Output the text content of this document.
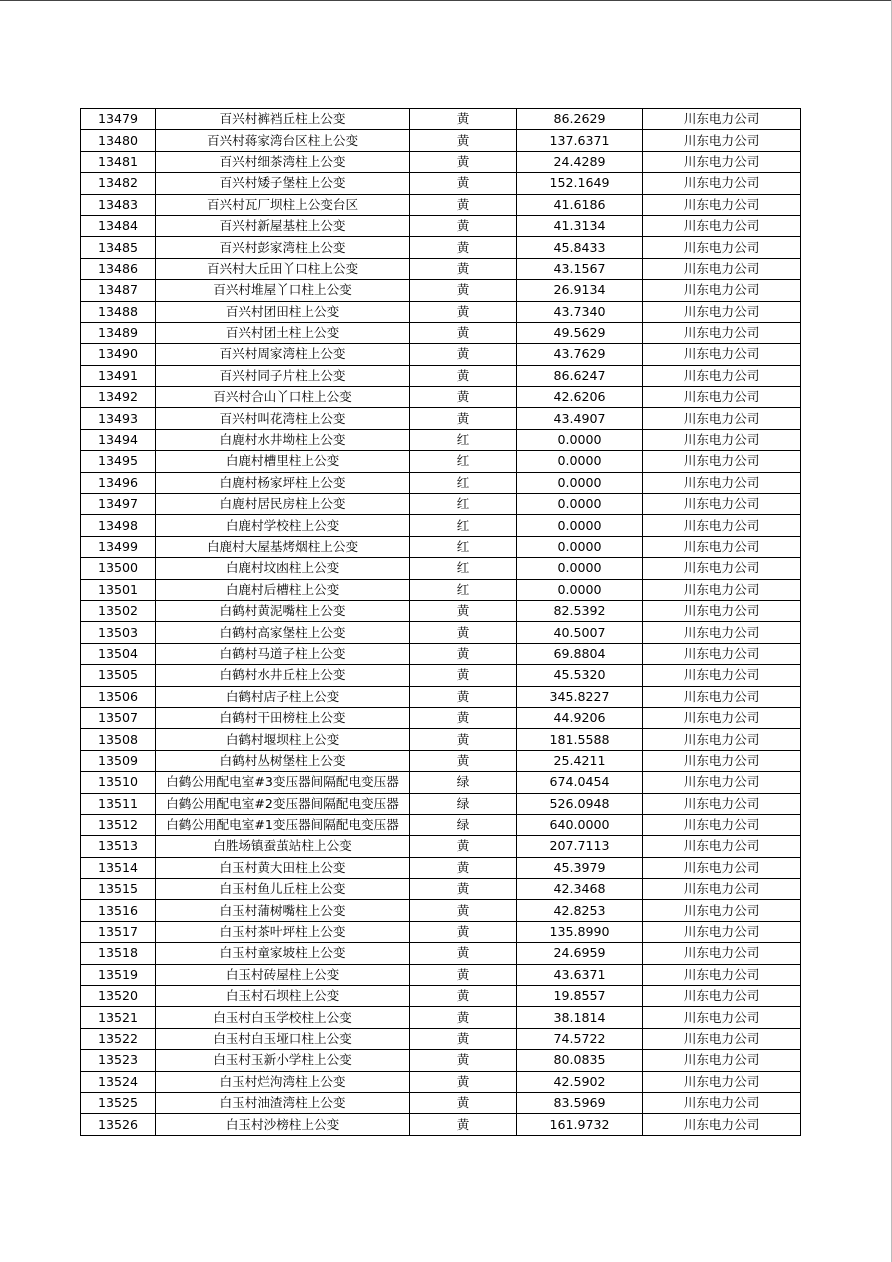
13479	百兴村裤裆丘柱上公变	黄	86.2629	川东电力公司
13480	百兴村蒋家湾台区柱上公变	黄	137.6371	川东电力公司
13481	百兴村细茶湾柱上公变	黄	24.4289	川东电力公司
13482	百兴村矮子堡柱上公变	黄	152.1649	川东电力公司
13483	百兴村瓦厂坝柱上公变台区	黄	41.6186	川东电力公司
13484	百兴村新屋基柱上公变	黄	41.3134	川东电力公司
13485	百兴村彭家湾柱上公变	黄	45.8433	川东电力公司
13486	百兴村大丘田丫口柱上公变	黄	43.1567	川东电力公司
13487	百兴村堆屋丫口柱上公变	黄	26.9134	川东电力公司
13488	百兴村团田柱上公变	黄	43.7340	川东电力公司
13489	百兴村团土柱上公变	黄	49.5629	川东电力公司
13490	百兴村周家湾柱上公变	黄	43.7629	川东电力公司
13491	百兴村同子片柱上公变	黄	86.6247	川东电力公司
13492	百兴村合山丫口柱上公变	黄	42.6206	川东电力公司
13493	百兴村叫花湾柱上公变	黄	43.4907	川东电力公司
13494	白鹿村水井坳柱上公变	红	0.0000	川东电力公司
13495	白鹿村槽里柱上公变	红	0.0000	川东电力公司
13496	白鹿村杨家坪柱上公变	红	0.0000	川东电力公司
13497	白鹿村居民房柱上公变	红	0.0000	川东电力公司
13498	白鹿村学校柱上公变	红	0.0000	川东电力公司
13499	白鹿村大屋基烤烟柱上公变	红	0.0000	川东电力公司
13500	白鹿村坟凼柱上公变	红	0.0000	川东电力公司
13501	白鹿村后槽柱上公变	红	0.0000	川东电力公司
13502	白鹤村黄泥嘴柱上公变	黄	82.5392	川东电力公司
13503	白鹤村高家堡柱上公变	黄	40.5007	川东电力公司
13504	白鹤村马道子柱上公变	黄	69.8804	川东电力公司
13505	白鹤村水井丘柱上公变	黄	45.5320	川东电力公司
13506	白鹤村店子柱上公变	黄	345.8227	川东电力公司
13507	白鹤村干田榜柱上公变	黄	44.9206	川东电力公司
13508	白鹤村堰坝柱上公变	黄	181.5588	川东电力公司
13509	白鹤村丛树堡柱上公变	黄	25.4211	川东电力公司
13510	白鹤公用配电室#3变压器间隔配电变压器	绿	674.0454	川东电力公司
13511	白鹤公用配电室#2变压器间隔配电变压器	绿	526.0948	川东电力公司
13512	白鹤公用配电室#1变压器间隔配电变压器	绿	640.0000	川东电力公司
13513	白胜场镇蚕茧站柱上公变	黄	207.7113	川东电力公司
13514	白玉村黄大田柱上公变	黄	45.3979	川东电力公司
13515	白玉村鱼儿丘柱上公变	黄	42.3468	川东电力公司
13516	白玉村蒲树嘴柱上公变	黄	42.8253	川东电力公司
13517	白玉村茶叶坪柱上公变	黄	135.8990	川东电力公司
13518	白玉村童家坡柱上公变	黄	24.6959	川东电力公司
13519	白玉村砖屋柱上公变	黄	43.6371	川东电力公司
13520	白玉村石坝柱上公变	黄	19.8557	川东电力公司
13521	白玉村白玉学校柱上公变	黄	38.1814	川东电力公司
13522	白玉村白玉垭口柱上公变	黄	74.5722	川东电力公司
13523	白玉村玉新小学柱上公变	黄	80.0835	川东电力公司
13524	白玉村烂泃湾柱上公变	黄	42.5902	川东电力公司
13525	白玉村油渣湾柱上公变	黄	83.5969	川东电力公司
13526	白玉村沙榜柱上公变	黄	161.9732	川东电力公司
